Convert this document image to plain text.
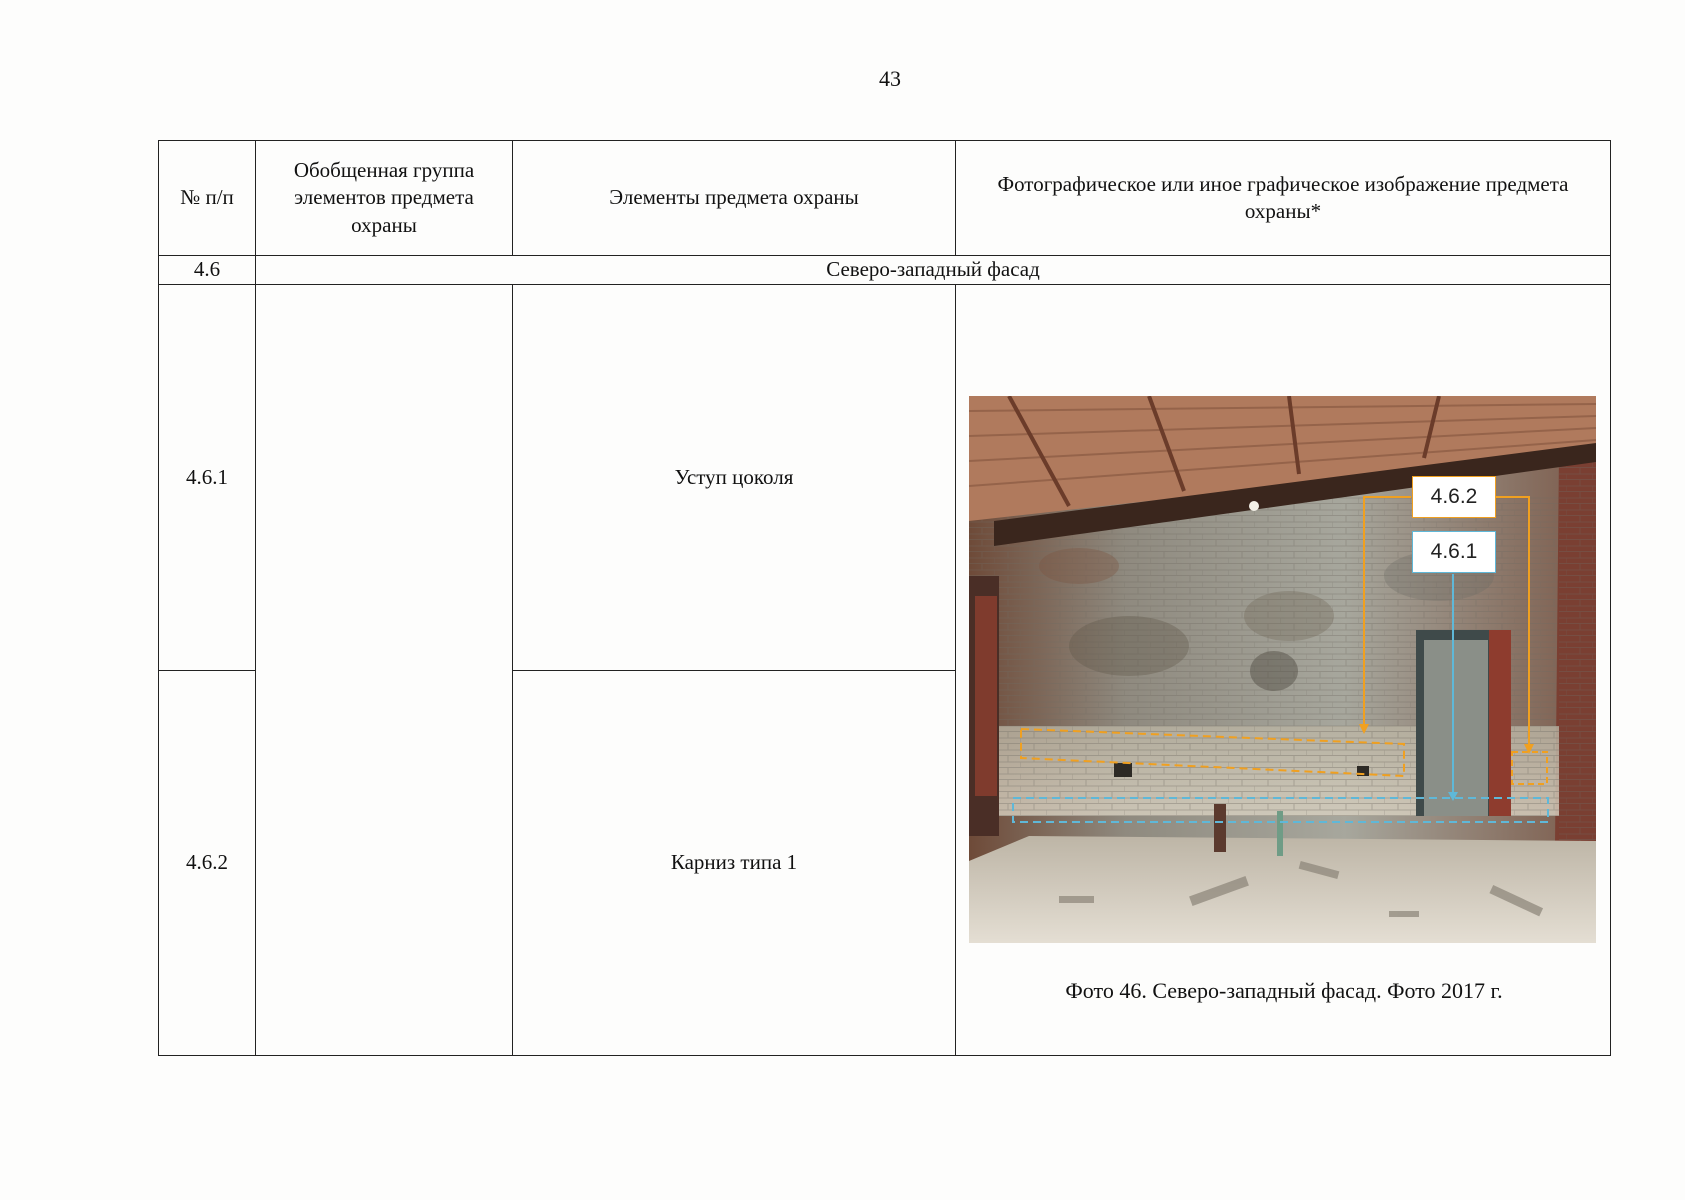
43
№ п/п	Обобщенная группа элементов предмета охраны	Элементы предмета охраны	Фотографическое или иное графическое изображение предмета охраны*
4.6	Северо-западный фасад		
4.6.1		Уступ цоколя	4.6.2
4.6.1
Фото 46. Северо-западный фасад. Фото 2017 г.

4.6.2		Карниз типа 1	
